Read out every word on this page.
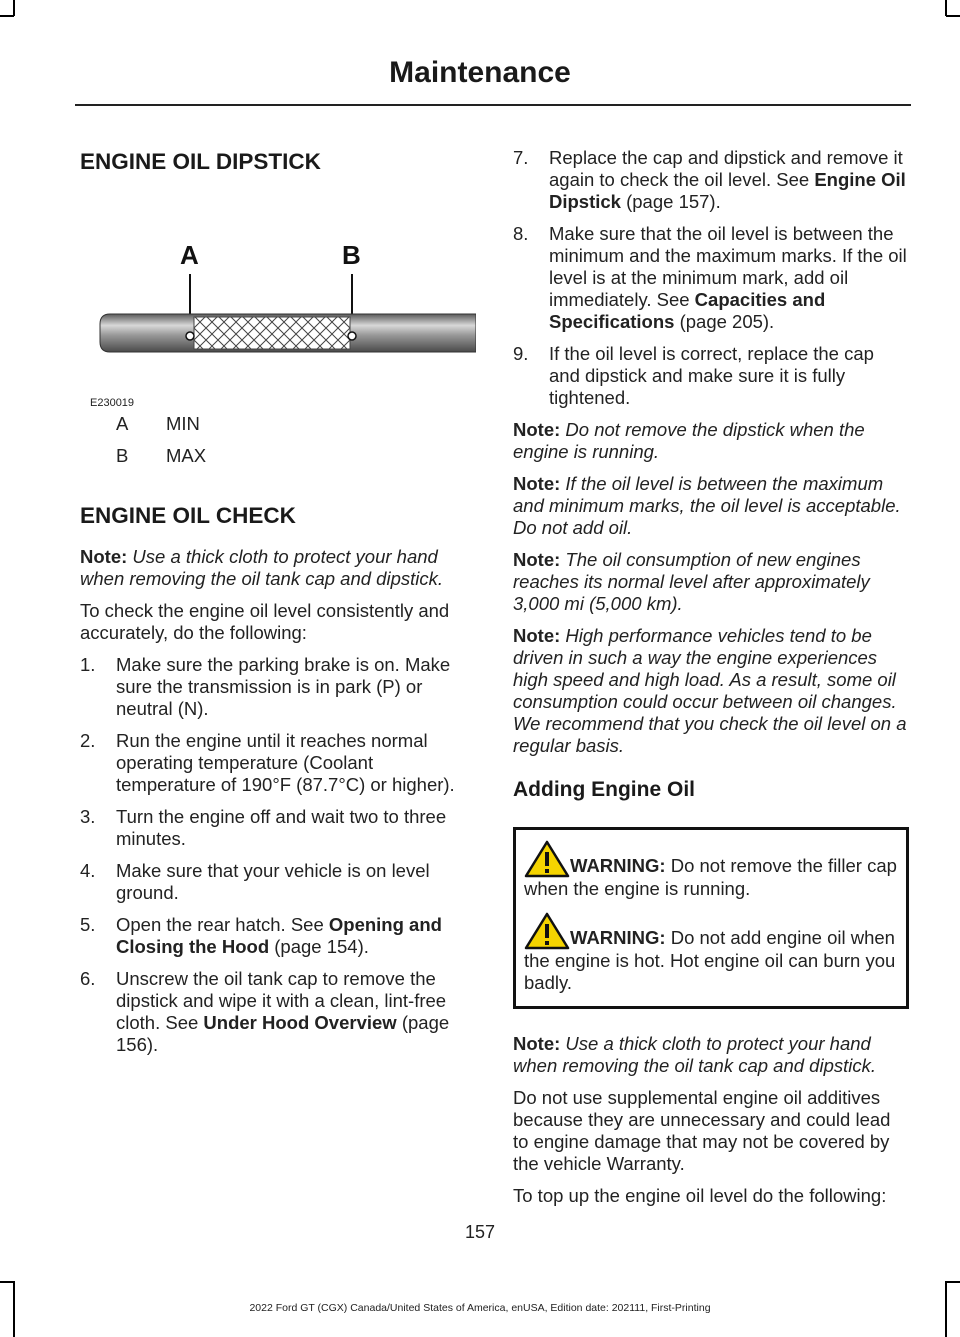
Maintenance
ENGINE OIL DIPSTICK
A	B
E230019
A	MIN
B	MAX
ENGINE OIL CHECK

Note: Use a thick cloth to protect your hand when removing the oil tank cap and dipstick.

To check the engine oil level consistently and accurately, do the following:

1.	Make sure the parking brake is on. Make sure the transmission is in park (P) or neutral (N).
2.	Run the engine until it reaches normal operating temperature (Coolant temperature of 190°F (87.7°C) or higher).
3.	Turn the engine off and wait two to three minutes.
4.	Make sure that your vehicle is on level ground.
5.	Open the rear hatch. See Opening and Closing the Hood (page 154).
6.	Unscrew the oil tank cap to remove the dipstick and wipe it with a clean, lint-free cloth. See Under Hood Overview (page 156).
7.	Replace the cap and dipstick and remove it again to check the oil level. See Engine Oil Dipstick (page 157).
8.	Make sure that the oil level is between the minimum and the maximum marks. If the oil level is at the minimum mark, add oil immediately. See Capacities and Specifications (page 205).
9.	If the oil level is correct, replace the cap and dipstick and make sure it is fully tightened.

Note: Do not remove the dipstick when the engine is running.

Note: If the oil level is between the maximum and minimum marks, the oil level is acceptable. Do not add oil.

Note: The oil consumption of new engines reaches its normal level after approximately 3,000 mi (5,000 km).

Note: High performance vehicles tend to be driven in such a way the engine experiences high speed and high load. As a result, some oil consumption could occur between oil changes. We recommend that you check the oil level on a regular basis.

Adding Engine Oil
WARNING: Do not remove the filler cap when the engine is running.
WARNING: Do not add engine oil when the engine is hot. Hot engine oil can burn you badly.

Note: Use a thick cloth to protect your hand when removing the oil tank cap and dipstick.

Do not use supplemental engine oil additives because they are unnecessary and could lead to engine damage that may not be covered by the vehicle Warranty.

To top up the engine oil level do the following:

157
2022 Ford GT (CGX) Canada/United States of America, enUSA, Edition date: 202111, First-Printing
